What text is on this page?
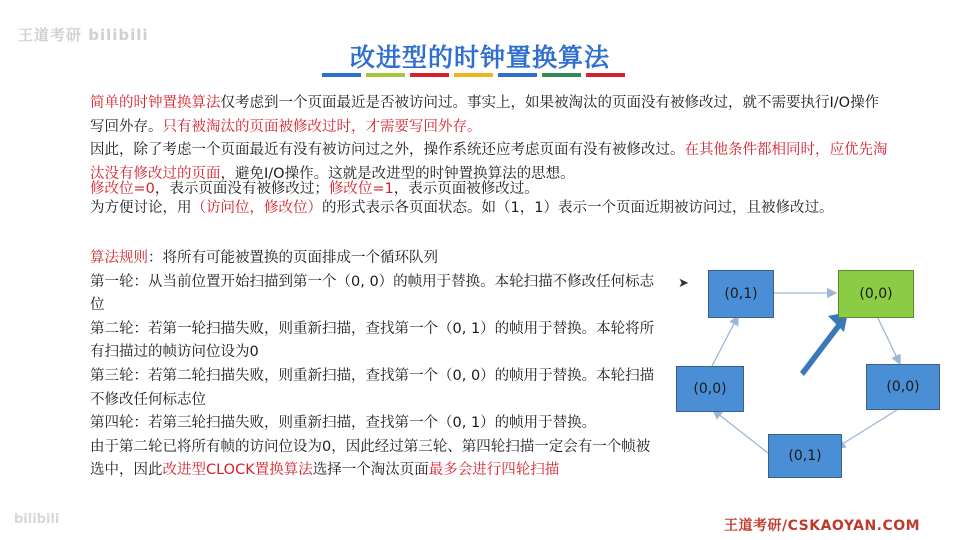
王道考研 bilibili
bilibili
改进型的时钟置换算法

简单的时钟置换算法仅考虑到一个页面最近是否被访问过。事实上，如果被淘汰的页面没有被修改过，就不需要执行I/O操作写回外存。只有被淘汰的页面被修改过时，才需要写回外存。

因此，除了考虑一个页面最近有没有被访问过之外，操作系统还应考虑页面有没有被修改过。在其他条件都相同时，应优先淘汰没有修改过的页面，避免I/O操作。这就是改进型的时钟置换算法的思想。

修改位=0，表示页面没有被修改过；修改位=1，表示页面被修改过。

为方便讨论，用（访问位，修改位）的形式表示各页面状态。如（1，1）表示一个页面近期被访问过，且被修改过。

算法规则：将所有可能被置换的页面排成一个循环队列
第一轮：从当前位置开始扫描到第一个（0, 0）的帧用于替换。本轮扫描不修改任何标志位
第二轮：若第一轮扫描失败，则重新扫描，查找第一个（0, 1）的帧用于替换。本轮将所有扫描过的帧访问位设为0
第三轮：若第二轮扫描失败，则重新扫描，查找第一个（0, 0）的帧用于替换。本轮扫描不修改任何标志位
第四轮：若第三轮扫描失败，则重新扫描，查找第一个（0, 1）的帧用于替换。
由于第二轮已将所有帧的访问位设为0，因此经过第三轮、第四轮扫描一定会有一个帧被选中，因此改进型CLOCK置换算法选择一个淘汰页面最多会进行四轮扫描
➤
(0,1)	(0,0)
(0,0)
(0,1)
(0,0)
王道考研/CSKAOYAN.COM
